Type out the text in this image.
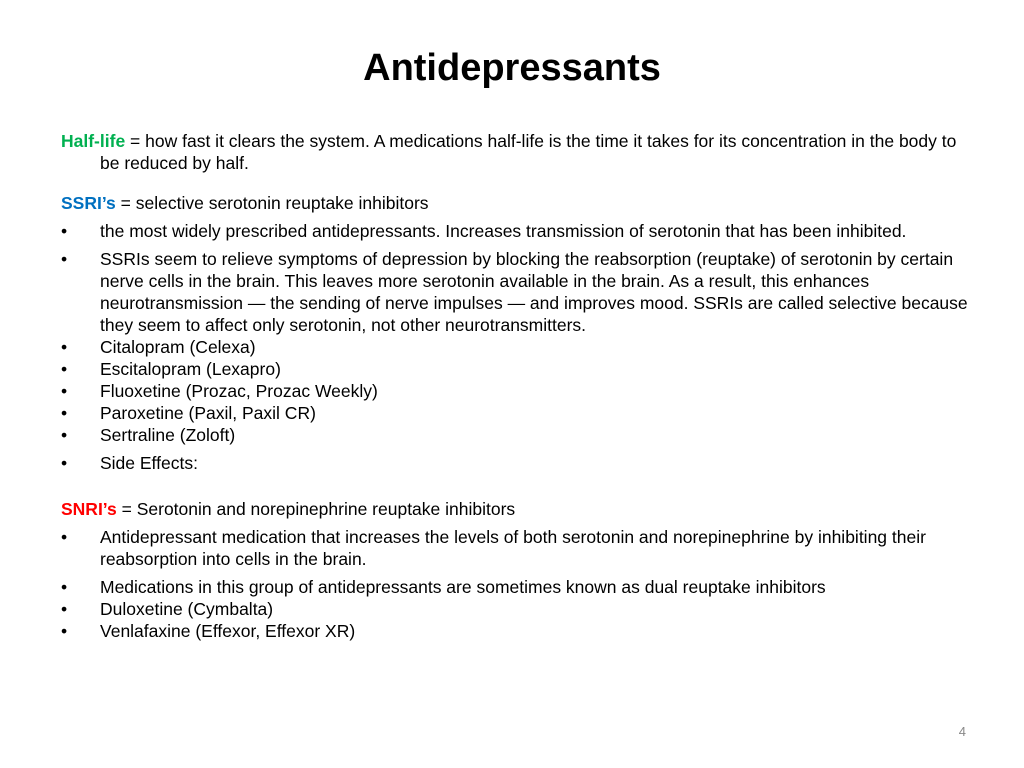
Antidepressants

Half-life = how fast it clears the system. A medications half-life is the time it takes for its concentration in the body to be reduced by half.

SSRI’s = selective serotonin reuptake inhibitors

•	the most widely prescribed antidepressants. Increases transmission of serotonin that has been inhibited.

•	SSRIs seem to relieve symptoms of depression by blocking the reabsorption (reuptake) of serotonin by certain nerve cells in the brain. This leaves more serotonin available in the brain. As a result, this enhances neurotransmission — the sending of nerve impulses — and improves mood. SSRIs are called selective because they seem to affect only serotonin, not other neurotransmitters.

•	Citalopram (Celexa)

•	Escitalopram (Lexapro)

•	Fluoxetine (Prozac, Prozac Weekly)

•	Paroxetine (Paxil, Paxil CR)

•	Sertraline (Zoloft)

•	Side Effects:

SNRI’s = Serotonin and norepinephrine reuptake inhibitors

•	Antidepressant medication that increases the levels of both serotonin and norepinephrine by inhibiting their reabsorption into cells in the brain.

•	Medications in this group of antidepressants are sometimes known as dual reuptake inhibitors

•	Duloxetine (Cymbalta)

•	Venlafaxine (Effexor, Effexor XR)

4
